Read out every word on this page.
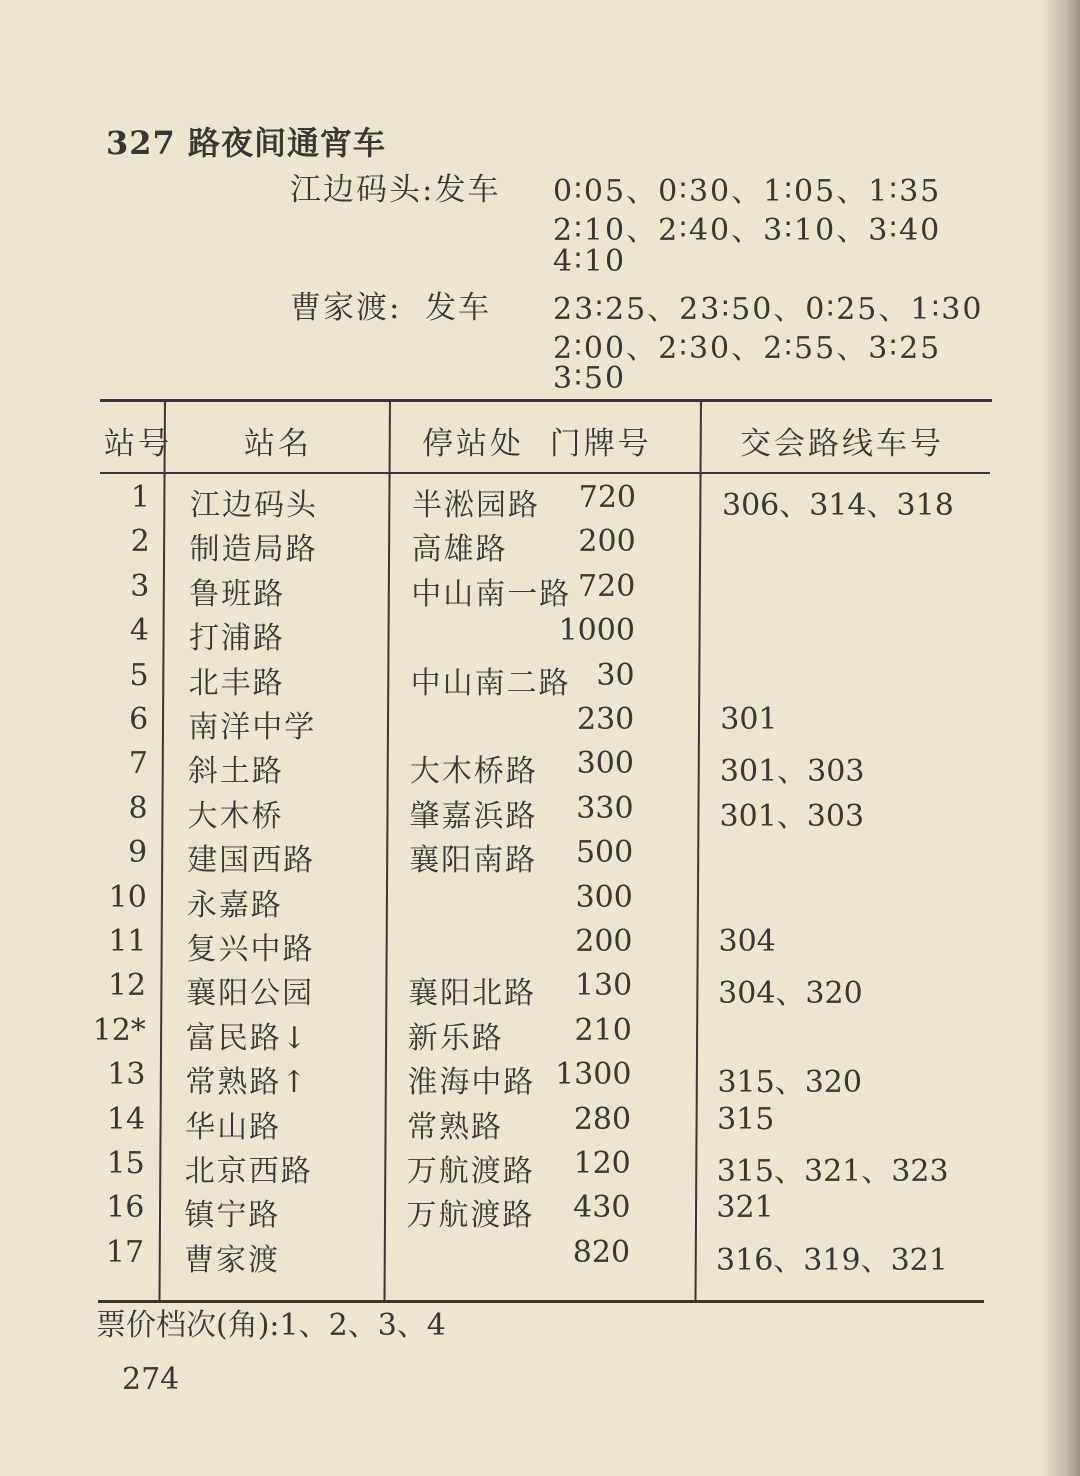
327 路夜间通宵车
江边码头:发车 0∶05、0∶30、1∶05、1∶35
2∶10、2∶40、3∶10、3∶40
4∶10
曹家渡:  发车 23∶25、23∶50、0∶25、1∶30
2∶00、2∶30、2∶55、3∶25
3∶50
站号 站名	停站处  门牌号	交会路线车号
1 江边码头	半淞园路 720	306、314、318
2 制造局路	高雄路 200
3 鲁班路	中山南一路 720
4 打浦路	1000
5 北丰路	中山南二路 30
6 南洋中学	230	301
7 斜土路	大木桥路 300	301、303
8 大木桥	肇嘉浜路 330	301、303
9 建国西路	襄阳南路 500
10 永嘉路	300
11 复兴中路	200	304
12 襄阳公园	襄阳北路 130	304、320
12* 富民路↓	新乐路 210
13 常熟路↑	淮海中路 1300	315、320
14 华山路	常熟路 280	315
15 北京西路	万航渡路 120	315、321、323
16 镇宁路	万航渡路 430	321
17 曹家渡	820	316、319、321
票价档次(角):1、2、3、4
274
